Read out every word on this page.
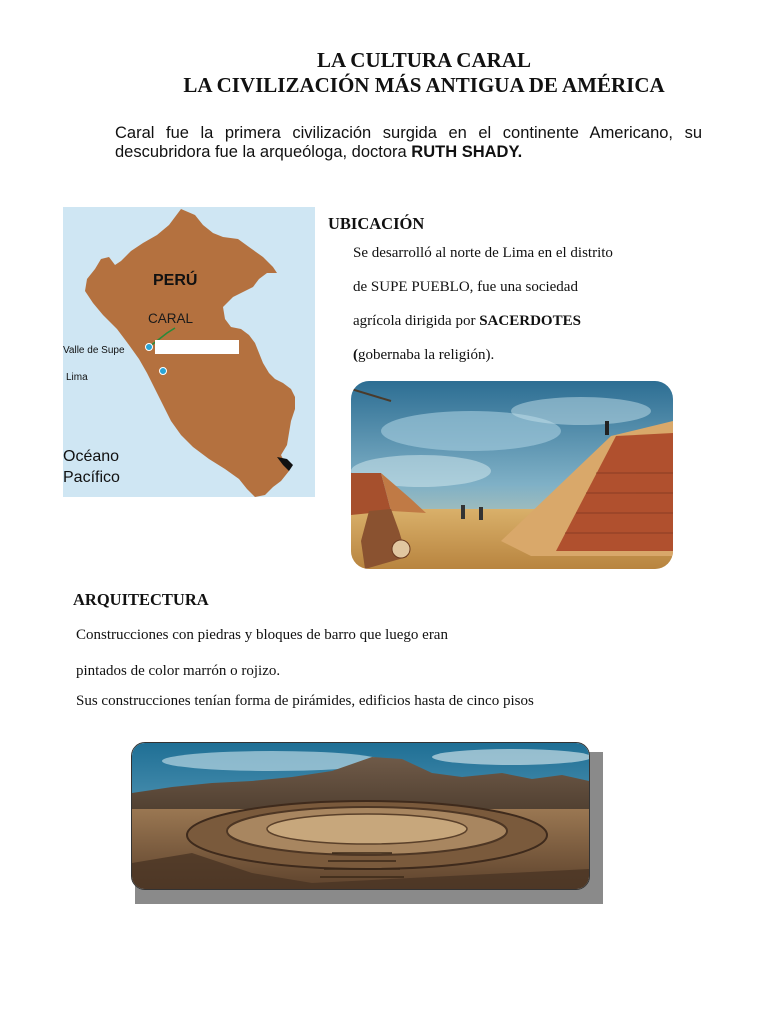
LA CULTURA CARAL
LA CIVILIZACIÓN MÁS ANTIGUA DE AMÉRICA
Caral fue la primera civilización surgida en el continente Americano, su descubridora fue la arqueóloga, doctora RUTH SHADY.
PERÚ
CARAL
Valle de Supe
Lima
Océano Pacífico
UBICACIÓN
Se desarrolló al norte de Lima en el distrito
de SUPE PUEBLO, fue una sociedad
agrícola dirigida por SACERDOTES
(gobernaba la religión).
ARQUITECTURA
Construcciones con piedras y bloques de barro que luego eran
pintados de color marrón o rojizo.
Sus construcciones tenían forma de pirámides, edificios hasta de cinco pisos
